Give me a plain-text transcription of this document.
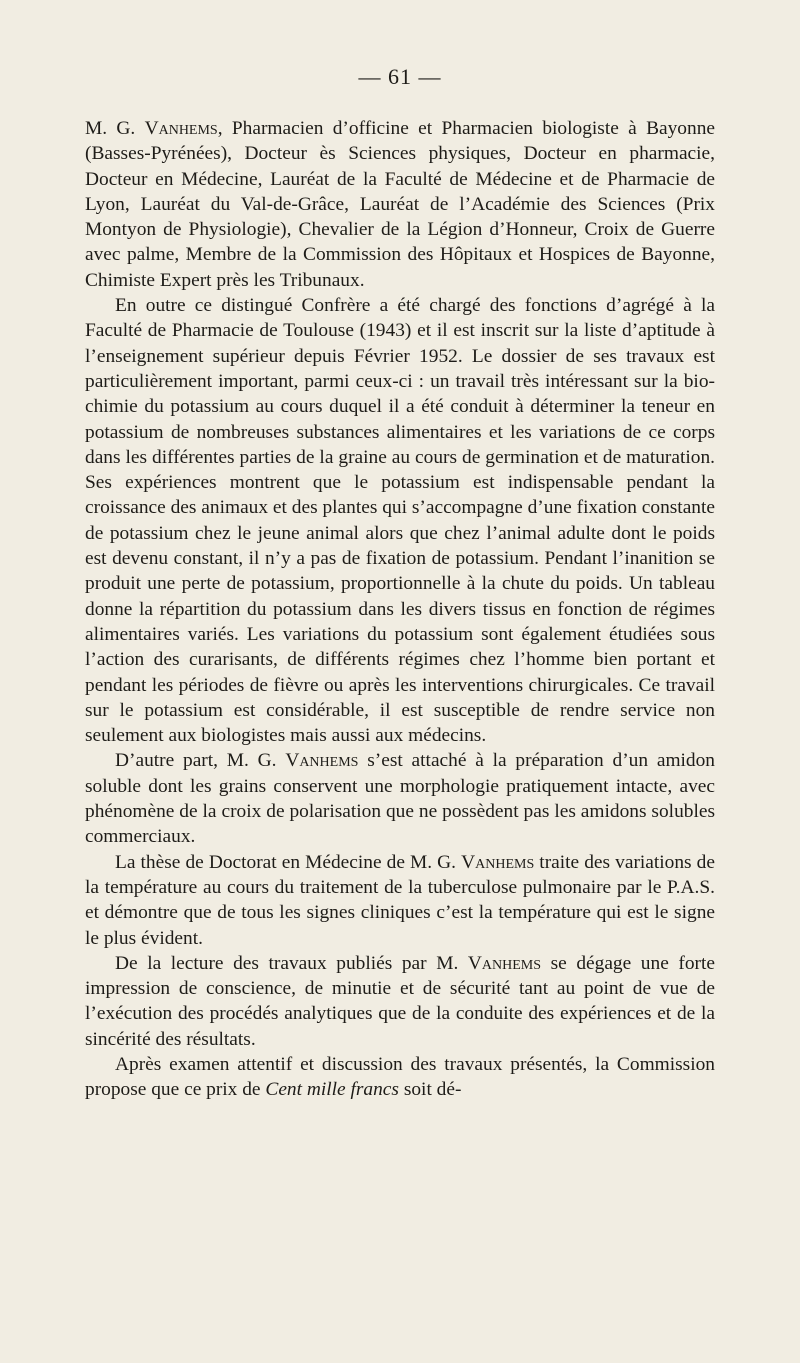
— 61 —

M. G. Vanhems, Pharmacien d’officine et Pharmacien biologiste à Bayonne (Basses-Pyrénées), Docteur ès Sciences physiques, Docteur en pharmacie, Docteur en Médecine, Lauréat de la Faculté de Médecine et de Pharmacie de Lyon, Lauréat du Val-de-Grâce, Lauréat de l’Académie des Sciences (Prix Montyon de Physiologie), Chevalier de la Légion d’Honneur, Croix de Guerre avec palme, Membre de la Commission des Hôpitaux et Hospices de Bayonne, Chimiste Expert près les Tribunaux.

En outre ce distingué Confrère a été chargé des fonctions d’agrégé à la Faculté de Pharmacie de Toulouse (1943) et il est inscrit sur la liste d’aptitude à l’enseignement supérieur depuis Février 1952. Le dossier de ses travaux est particulièrement important, parmi ceux-ci : un travail très intéressant sur la biochimie du potassium au cours duquel il a été conduit à déterminer la teneur en potassium de nombreuses substances alimentaires et les variations de ce corps dans les différentes parties de la graine au cours de germination et de maturation. Ses expériences montrent que le potassium est indispensable pendant la croissance des animaux et des plantes qui s’accompagne d’une fixation constante de potassium chez le jeune animal alors que chez l’animal adulte dont le poids est devenu constant, il n’y a pas de fixation de potassium. Pendant l’inanition se produit une perte de potassium, proportionnelle à la chute du poids. Un tableau donne la répartition du potassium dans les divers tissus en fonction de régimes alimentaires variés. Les variations du potassium sont également étudiées sous l’action des curarisants, de différents régimes chez l’homme bien portant et pendant les périodes de fièvre ou après les interventions chirurgicales. Ce travail sur le potassium est considérable, il est susceptible de rendre service non seulement aux biologistes mais aussi aux médecins.

D’autre part, M. G. Vanhems s’est attaché à la préparation d’un amidon soluble dont les grains conservent une morphologie pratiquement intacte, avec phénomène de la croix de polarisation que ne possèdent pas les amidons solubles commerciaux.

La thèse de Doctorat en Médecine de M. G. Vanhems traite des variations de la température au cours du traitement de la tuberculose pulmonaire par le P.A.S. et démontre que de tous les signes cliniques c’est la température qui est le signe le plus évident.

De la lecture des travaux publiés par M. Vanhems se dégage une forte impression de conscience, de minutie et de sécurité tant au point de vue de l’exécution des procédés analytiques que de la conduite des expériences et de la sincérité des résultats.

Après examen attentif et discussion des travaux présentés, la Commission propose que ce prix de Cent mille francs soit dé-
